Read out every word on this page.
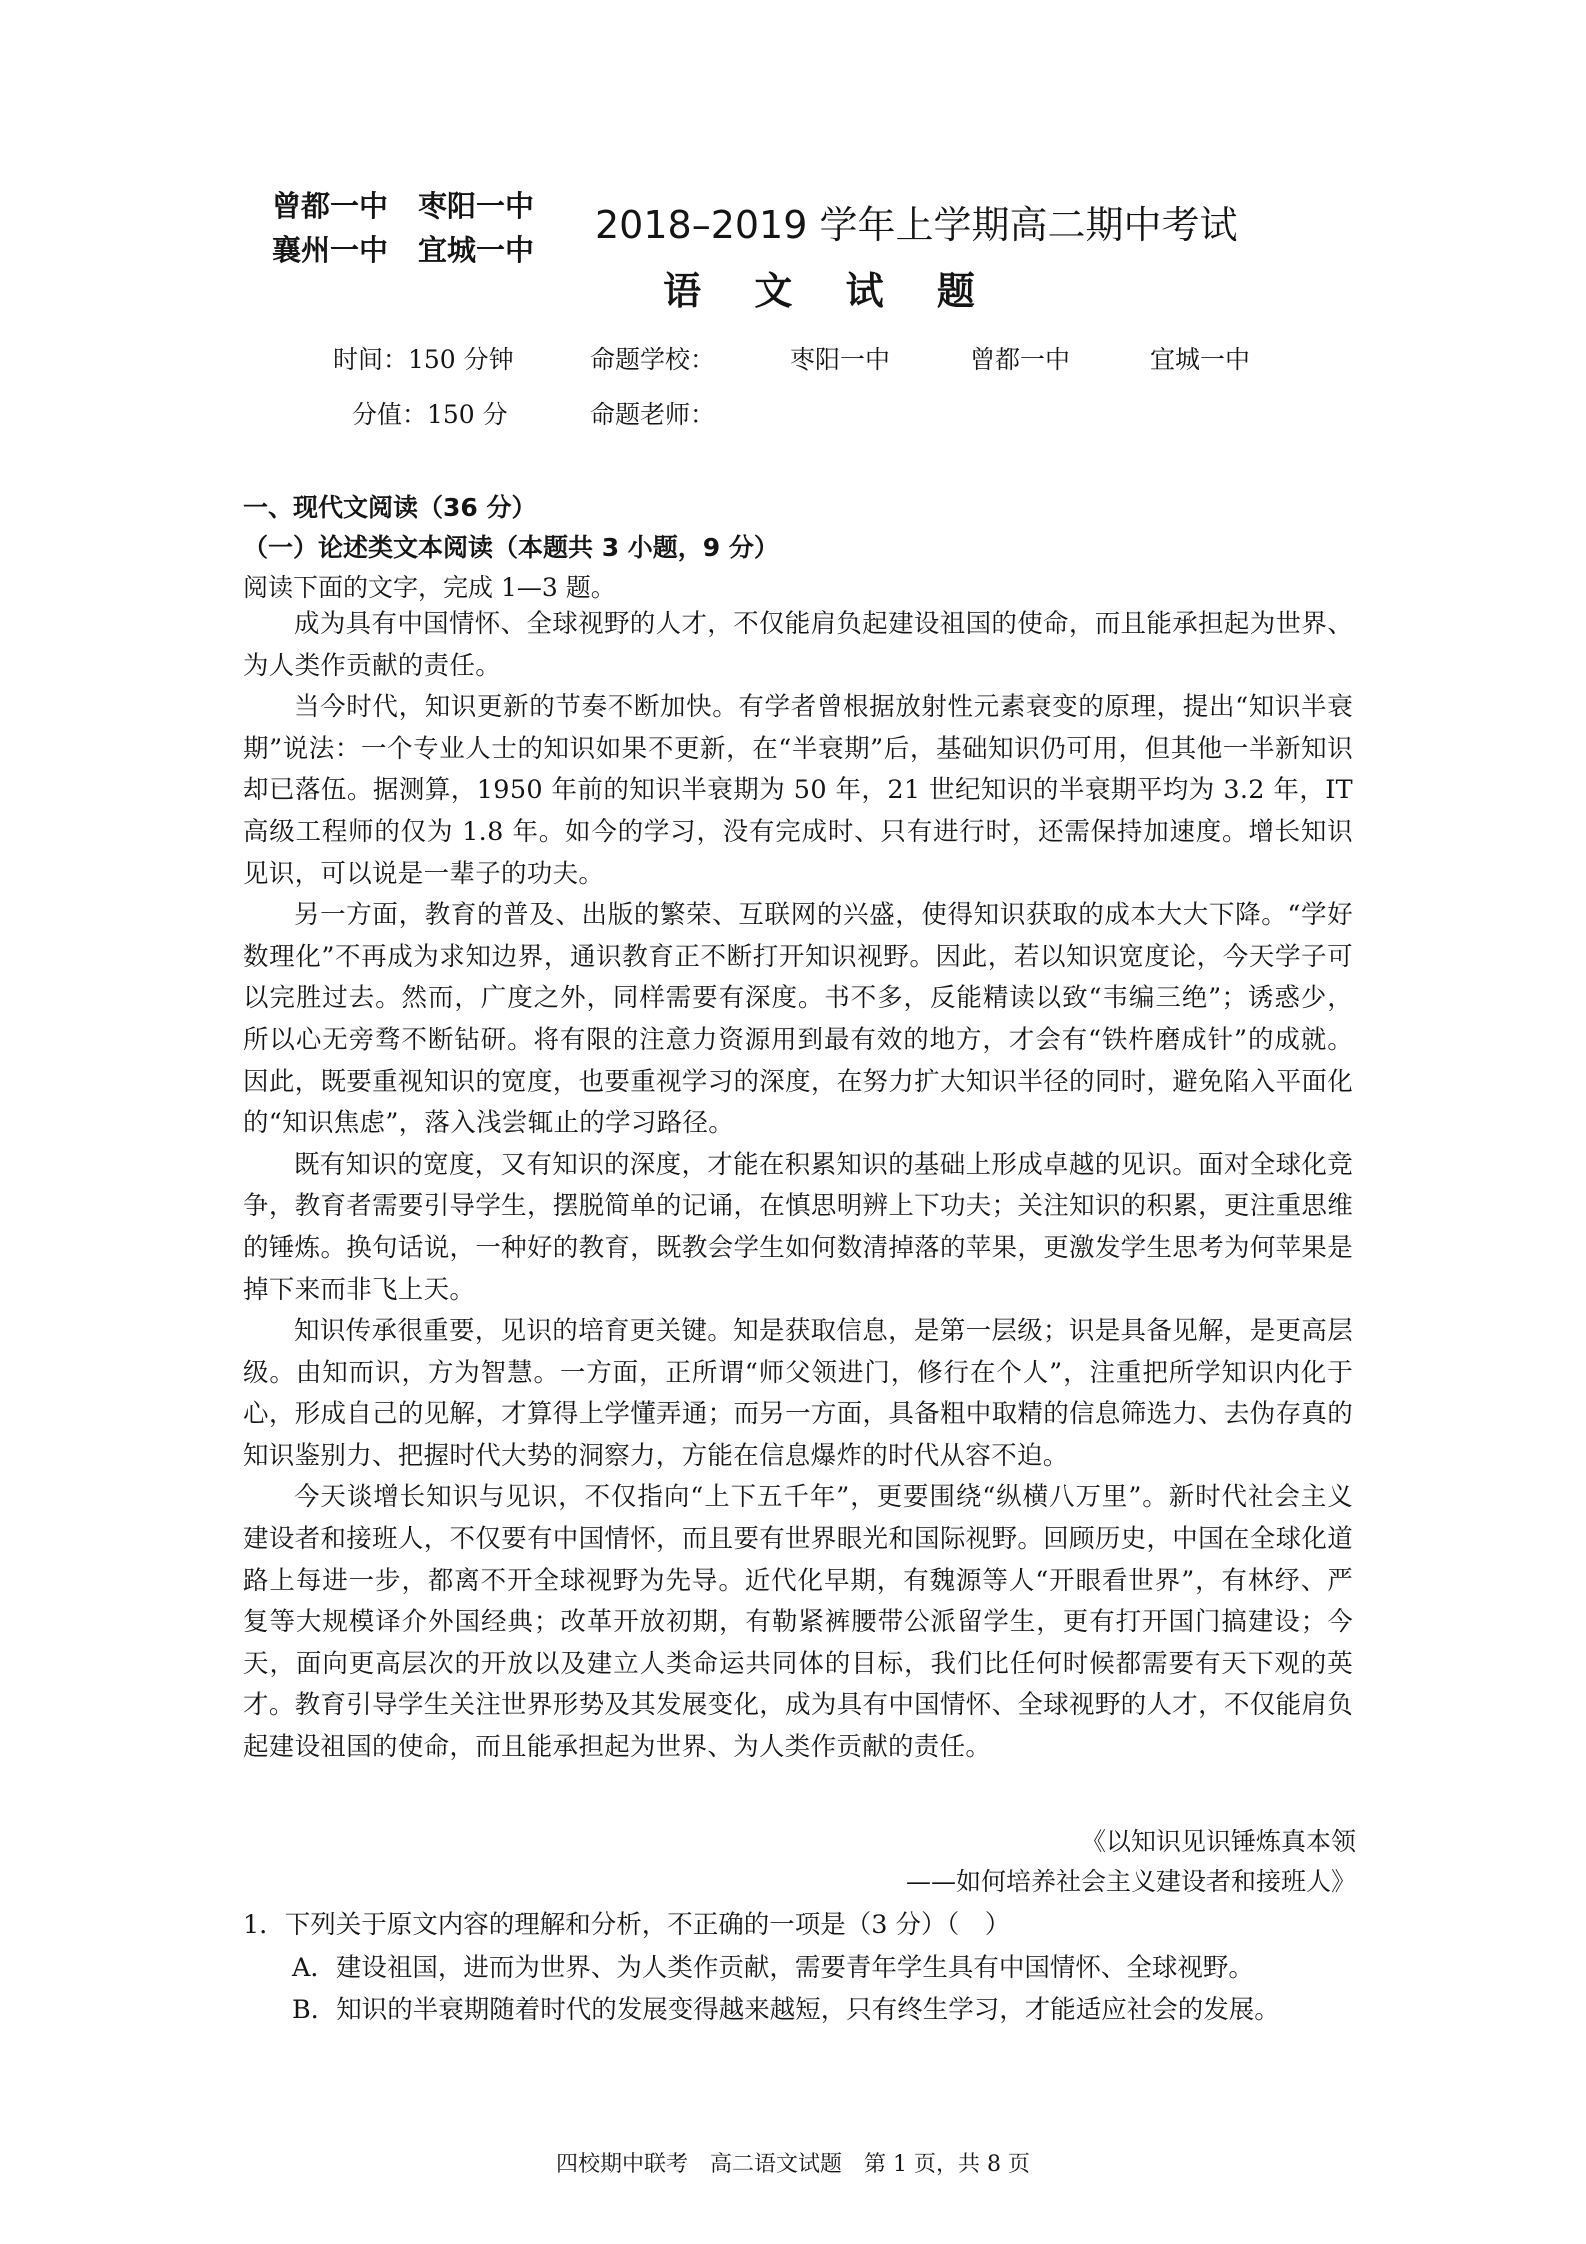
曾都一中 枣阳一中
襄州一中 宜城一中
2018–2019 学年上学期高二期中考试
语 文 试 题
时间：150 分钟	命题学校：	枣阳一中	曾都一中	宜城一中
分值：150 分	命题老师：
一、现代文阅读（36 分）
（一）论述类文本阅读（本题共 3 小题，9 分）
阅读下面的文字，完成 1—3 题。

成为具有中国情怀、全球视野的人才，不仅能肩负起建设祖国的使命，而且能承担起为世界、为人类作贡献的责任。

当今时代，知识更新的节奏不断加快。有学者曾根据放射性元素衰变的原理，提出“知识半衰期”说法：一个专业人士的知识如果不更新，在“半衰期”后，基础知识仍可用，但其他一半新知识却已落伍。据测算，1950 年前的知识半衰期为 50 年，21 世纪知识的半衰期平均为 3.2 年，IT 高级工程师的仅为 1.8 年。如今的学习，没有完成时、只有进行时，还需保持加速度。增长知识见识，可以说是一辈子的功夫。

另一方面，教育的普及、出版的繁荣、互联网的兴盛，使得知识获取的成本大大下降。“学好数理化”不再成为求知边界，通识教育正不断打开知识视野。因此，若以知识宽度论，今天学子可以完胜过去。然而，广度之外，同样需要有深度。书不多，反能精读以致“韦编三绝”；诱惑少，所以心无旁骛不断钻研。将有限的注意力资源用到最有效的地方，才会有“铁杵磨成针”的成就。因此，既要重视知识的宽度，也要重视学习的深度，在努力扩大知识半径的同时，避免陷入平面化的“知识焦虑”，落入浅尝辄止的学习路径。

既有知识的宽度，又有知识的深度，才能在积累知识的基础上形成卓越的见识。面对全球化竞争，教育者需要引导学生，摆脱简单的记诵，在慎思明辨上下功夫；关注知识的积累，更注重思维的锤炼。换句话说，一种好的教育，既教会学生如何数清掉落的苹果，更激发学生思考为何苹果是掉下来而非飞上天。

知识传承很重要，见识的培育更关键。知是获取信息，是第一层级；识是具备见解，是更高层级。由知而识，方为智慧。一方面，正所谓“师父领进门，修行在个人”，注重把所学知识内化于心，形成自己的见解，才算得上学懂弄通；而另一方面，具备粗中取精的信息筛选力、去伪存真的知识鉴别力、把握时代大势的洞察力，方能在信息爆炸的时代从容不迫。

今天谈增长知识与见识，不仅指向“上下五千年”，更要围绕“纵横八万里”。新时代社会主义建设者和接班人，不仅要有中国情怀，而且要有世界眼光和国际视野。回顾历史，中国在全球化道路上每进一步，都离不开全球视野为先导。近代化早期，有魏源等人“开眼看世界”，有林纾、严复等大规模译介外国经典；改革开放初期，有勒紧裤腰带公派留学生，更有打开国门搞建设；今天，面向更高层次的开放以及建立人类命运共同体的目标，我们比任何时候都需要有天下观的英才。教育引导学生关注世界形势及其发展变化，成为具有中国情怀、全球视野的人才，不仅能肩负起建设祖国的使命，而且能承担起为世界、为人类作贡献的责任。

《以知识见识锤炼真本领
——如何培养社会主义建设者和接班人》
1．下列关于原文内容的理解和分析，不正确的一项是（3 分）（　）
A．建设祖国，进而为世界、为人类作贡献，需要青年学生具有中国情怀、全球视野。
B．知识的半衰期随着时代的发展变得越来越短，只有终生学习，才能适应社会的发展。
四校期中联考　高二语文试题　第 1 页，共 8 页
